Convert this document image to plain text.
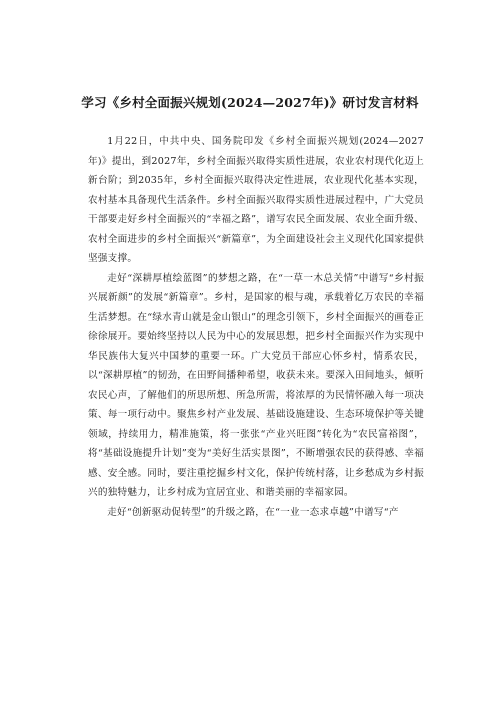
学习《乡村全面振兴规划(2024—2027年)》研讨发言材料

1月22日，中共中央、国务院印发《乡村全面振兴规划(2024—2027年)》提出，到2027年，乡村全面振兴取得实质性进展，农业农村现代化迈上新台阶；到2035年，乡村全面振兴取得决定性进展，农业现代化基本实现，农村基本具备现代生活条件。乡村全面振兴取得实质性进展过程中，广大党员干部要走好乡村全面振兴的“幸福之路”，谱写农民全面发展、农业全面升级、农村全面进步的乡村全面振兴“新篇章”，为全面建设社会主义现代化国家提供坚强支撑。

走好“深耕厚植绘蓝图”的梦想之路，在“一草一木总关情”中谱写“乡村振兴展新颜”的发展“新篇章”。乡村，是国家的根与魂，承载着亿万农民的幸福生活梦想。在“绿水青山就是金山银山”的理念引领下，乡村全面振兴的画卷正徐徐展开。要始终坚持以人民为中心的发展思想，把乡村全面振兴作为实现中华民族伟大复兴中国梦的重要一环。广大党员干部应心怀乡村，情系农民，以“深耕厚植”的韧劲，在田野间播种希望，收获未来。要深入田间地头，倾听农民心声，了解他们的所思所想、所急所需，将浓厚的为民情怀融入每一项决策、每一项行动中。聚焦乡村产业发展、基础设施建设、生态环境保护等关键领域，持续用力，精准施策，将一张张“产业兴旺图”转化为“农民富裕图”，将“基础设施提升计划”变为“美好生活实景图”，不断增强农民的获得感、幸福感、安全感。同时，要注重挖掘乡村文化，保护传统村落，让乡愁成为乡村振兴的独特魅力，让乡村成为宜居宜业、和谐美丽的幸福家园。

走好“创新驱动促转型”的升级之路，在“一业一态求卓越”中谱写“产
